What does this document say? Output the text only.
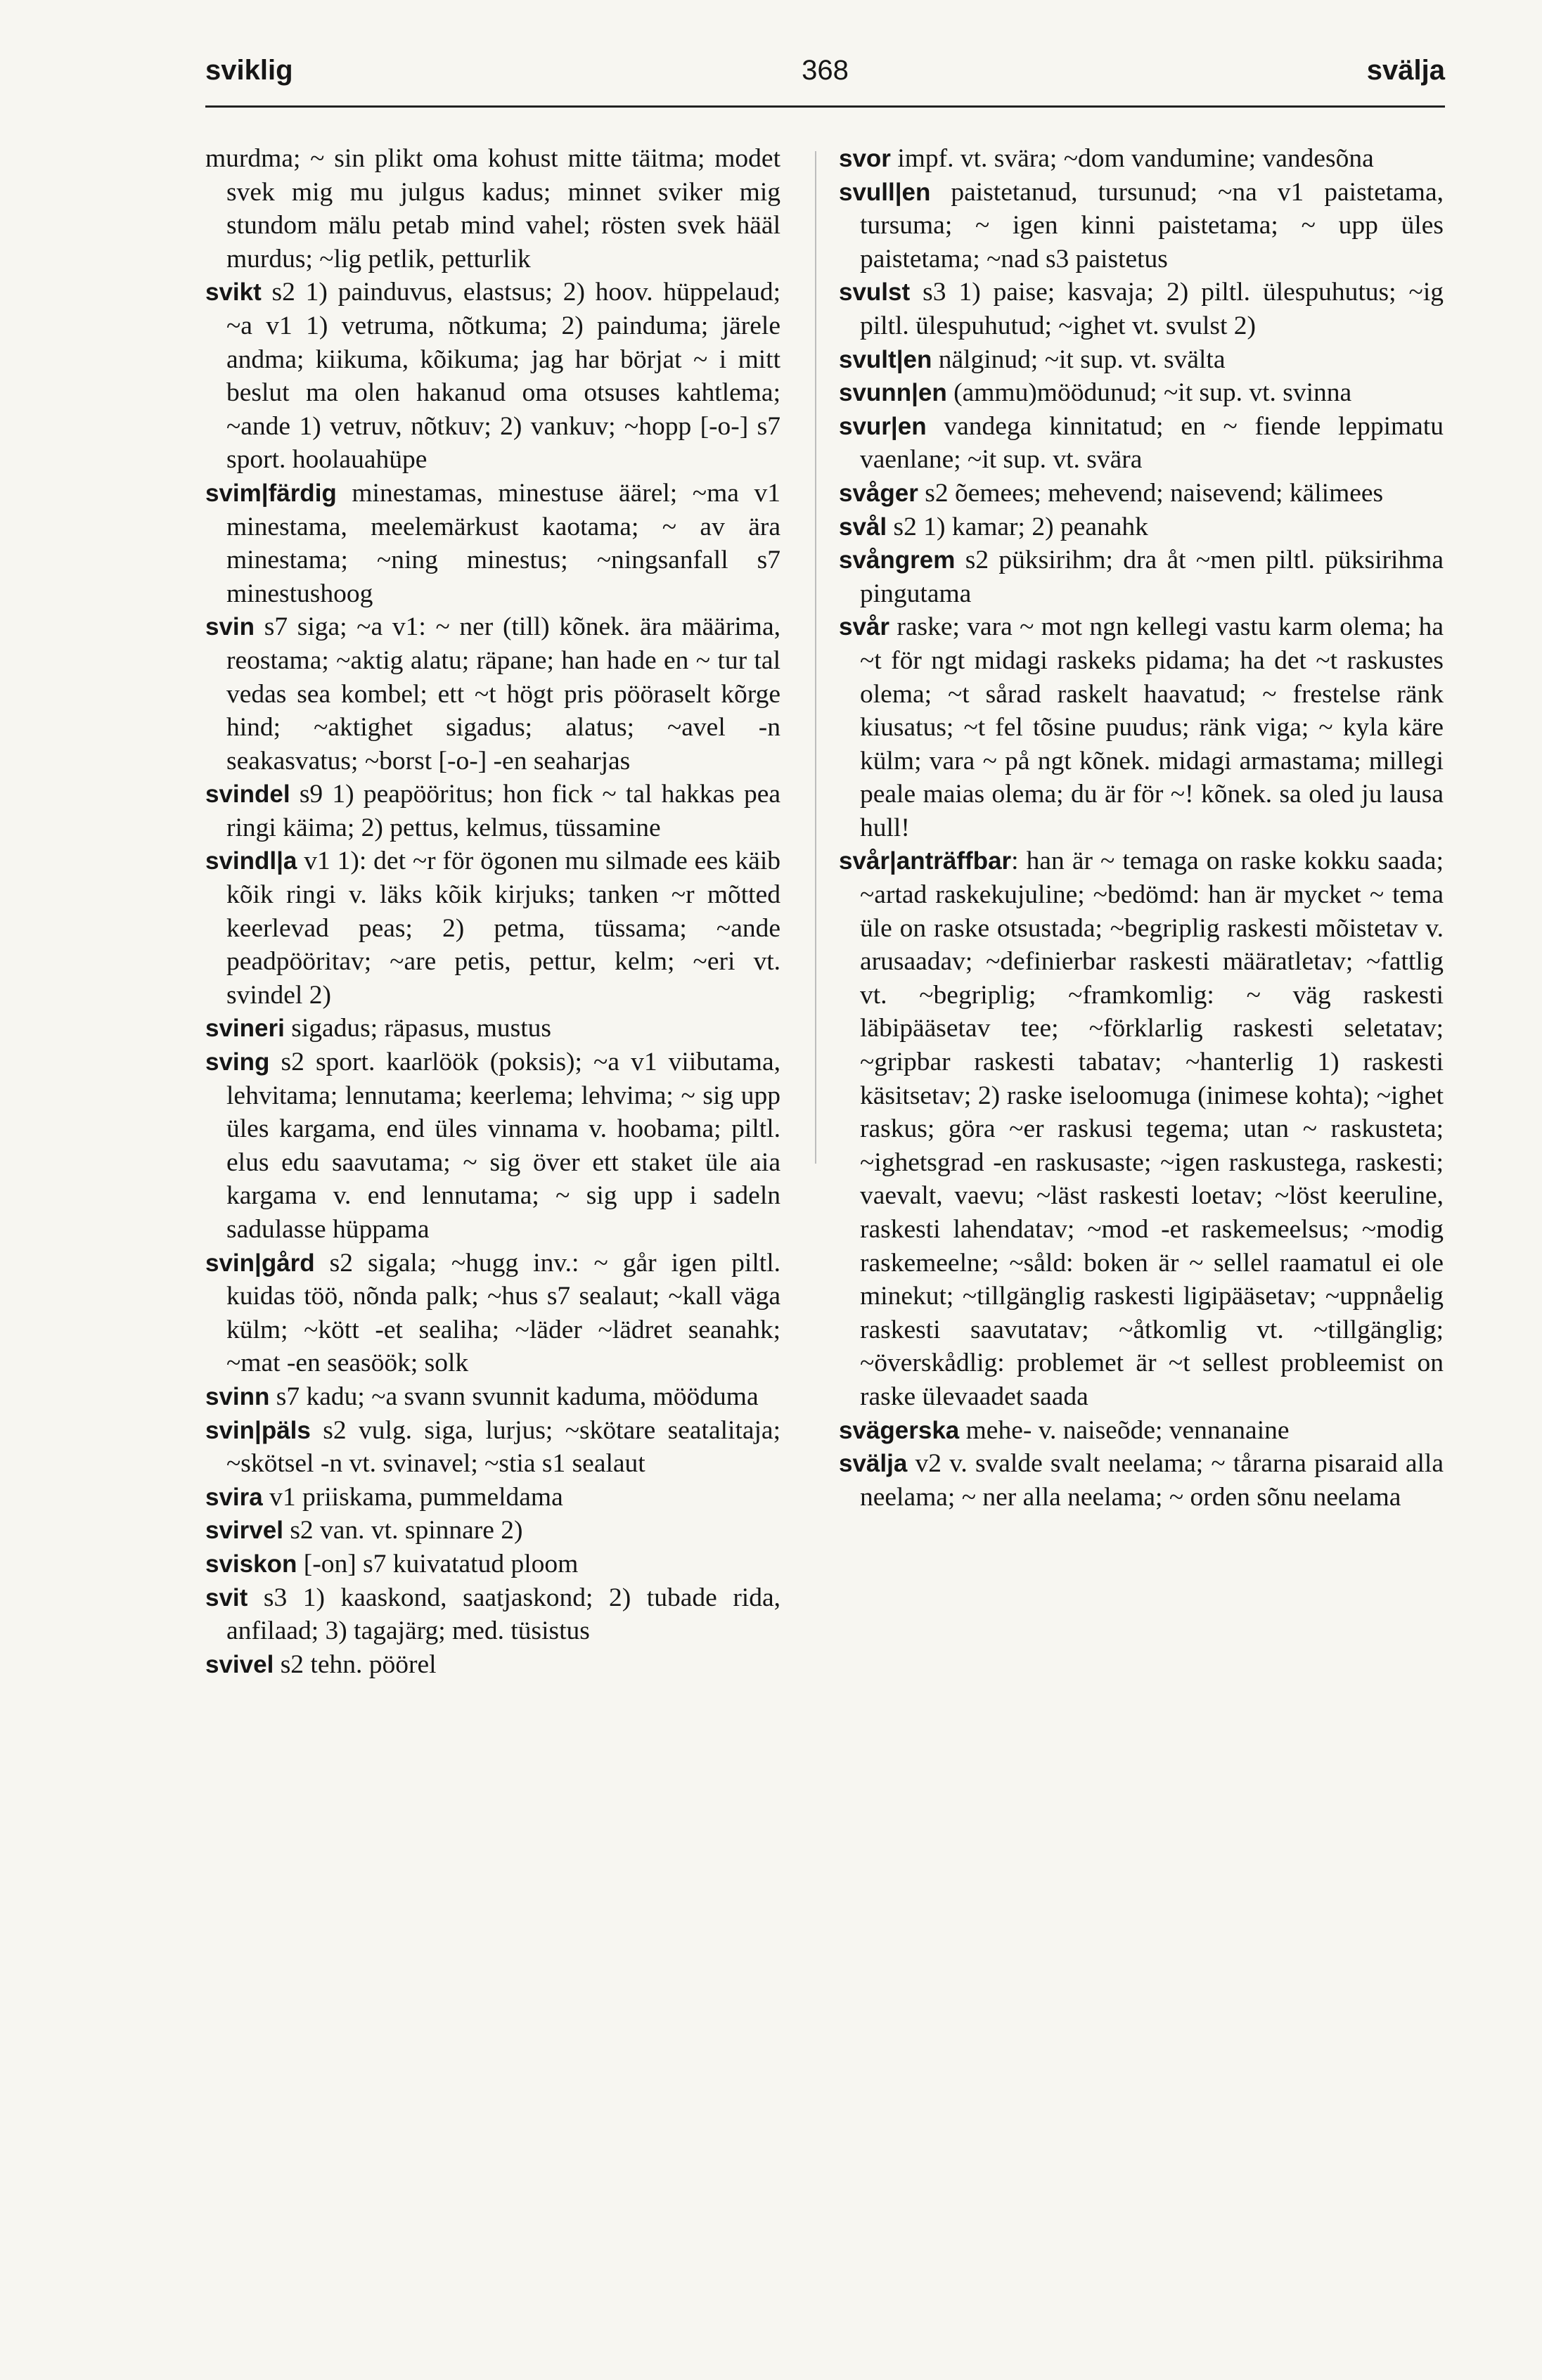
sviklig	368	svälja

murdma; ~ sin plikt oma kohust mitte täitma; modet svek mig mu julgus kadus; minnet sviker mig stundom mälu petab mind vahel; rösten svek hääl murdus; ~lig petlik, petturlik

svikt s2 1) painduvus, elastsus; 2) hoov. hüppelaud; ~a v1 1) vetruma, nõtkuma; 2) painduma; järele andma; kiikuma, kõikuma; jag har börjat ~ i mitt beslut ma olen hakanud oma otsuses kahtlema; ~ande 1) vetruv, nõtkuv; 2) vankuv; ~hopp [-o-] s7 sport. hoolauahüpe

svim|färdig minestamas, minestuse äärel; ~ma v1 minestama, meelemärkust kaotama; ~ av ära minestama; ~ning minestus; ~ningsanfall s7 minestushoog

svin s7 siga; ~a v1: ~ ner (till) kõnek. ära määrima, reostama; ~aktig alatu; räpane; han hade en ~ tur tal vedas sea kombel; ett ~t högt pris pööraselt kõrge hind; ~aktighet sigadus; alatus; ~avel -n seakasvatus; ~borst [-o-] -en seaharjas

svindel s9 1) peapööritus; hon fick ~ tal hakkas pea ringi käima; 2) pettus, kelmus, tüssamine

svindl|a v1 1): det ~r för ögonen mu silmade ees käib kõik ringi v. läks kõik kirjuks; tanken ~r mõtted keerlevad peas; 2) petma, tüssama; ~ande peadpööritav; ~are petis, pettur, kelm; ~eri vt. svindel 2)

svineri sigadus; räpasus, mustus

sving s2 sport. kaarlöök (poksis); ~a v1 viibutama, lehvitama; lennutama; keerlema; lehvima; ~ sig upp üles kargama, end üles vinnama v. hoobama; piltl. elus edu saavutama; ~ sig över ett staket üle aia kargama v. end lennutama; ~ sig upp i sadeln sadulasse hüppama

svin|gård s2 sigala; ~hugg inv.: ~ går igen piltl. kuidas töö, nõnda palk; ~hus s7 sealaut; ~kall väga külm; ~kött -et sealiha; ~läder ~lädret seanahk; ~mat -en seasöök; solk

svinn s7 kadu; ~a svann svunnit kaduma, mööduma

svin|päls s2 vulg. siga, lurjus; ~skötare seatalitaja; ~skötsel -n vt. svinavel; ~stia s1 sealaut

svira v1 priiskama, pummeldama

svirvel s2 van. vt. spinnare 2)

sviskon [-on] s7 kuivatatud ploom

svit s3 1) kaaskond, saatjaskond; 2) tubade rida, anfilaad; 3) tagajärg; med. tüsistus

svivel s2 tehn. pöörel

svor impf. vt. svära; ~dom vandumine; vandesõna

svull|en paistetanud, tursunud; ~na v1 paistetama, tursuma; ~ igen kinni paistetama; ~ upp üles paistetama; ~nad s3 paistetus

svulst s3 1) paise; kasvaja; 2) piltl. ülespuhutus; ~ig piltl. ülespuhutud; ~ighet vt. svulst 2)

svult|en nälginud; ~it sup. vt. svälta

svunn|en (ammu)möödunud; ~it sup. vt. svinna

svur|en vandega kinnitatud; en ~ fiende leppimatu vaenlane; ~it sup. vt. svära

svåger s2 õemees; mehevend; naisevend; kälimees

svål s2 1) kamar; 2) peanahk

svångrem s2 püksirihm; dra åt ~men piltl. püksirihma pingutama

svår raske; vara ~ mot ngn kellegi vastu karm olema; ha ~t för ngt midagi raskeks pidama; ha det ~t raskustes olema; ~t sårad raskelt haavatud; ~ frestelse ränk kiusatus; ~t fel tõsine puudus; ränk viga; ~ kyla käre külm; vara ~ på ngt kõnek. midagi armastama; millegi peale maias olema; du är för ~! kõnek. sa oled ju lausa hull!

svår|anträffbar: han är ~ temaga on raske kokku saada; ~artad raskekujuline; ~bedömd: han är mycket ~ tema üle on raske otsustada; ~begriplig raskesti mõistetav v. arusaadav; ~definierbar raskesti määratletav; ~fattlig vt. ~begriplig; ~framkomlig: ~ väg raskesti läbipääsetav tee; ~förklarlig raskesti seletatav; ~gripbar raskesti tabatav; ~hanterlig 1) raskesti käsitsetav; 2) raske iseloomuga (inimese kohta); ~ighet raskus; göra ~er raskusi tegema; utan ~ raskusteta; ~ighetsgrad -en raskusaste; ~igen raskustega, raskesti; vaevalt, vaevu; ~läst raskesti loetav; ~löst keeruline, raskesti lahendatav; ~mod -et raskemeelsus; ~modig raskemeelne; ~såld: boken är ~ sellel raamatul ei ole minekut; ~tillgänglig raskesti ligipääsetav; ~uppnåelig raskesti saavutatav; ~åtkomlig vt. ~tillgänglig; ~överskådlig: problemet är ~t sellest probleemist on raske ülevaadet saada

svägerska mehe- v. naiseõde; vennanaine

svälja v2 v. svalde svalt neelama; ~ tårarna pisaraid alla neelama; ~ ner alla neelama; ~ orden sõnu neelama
